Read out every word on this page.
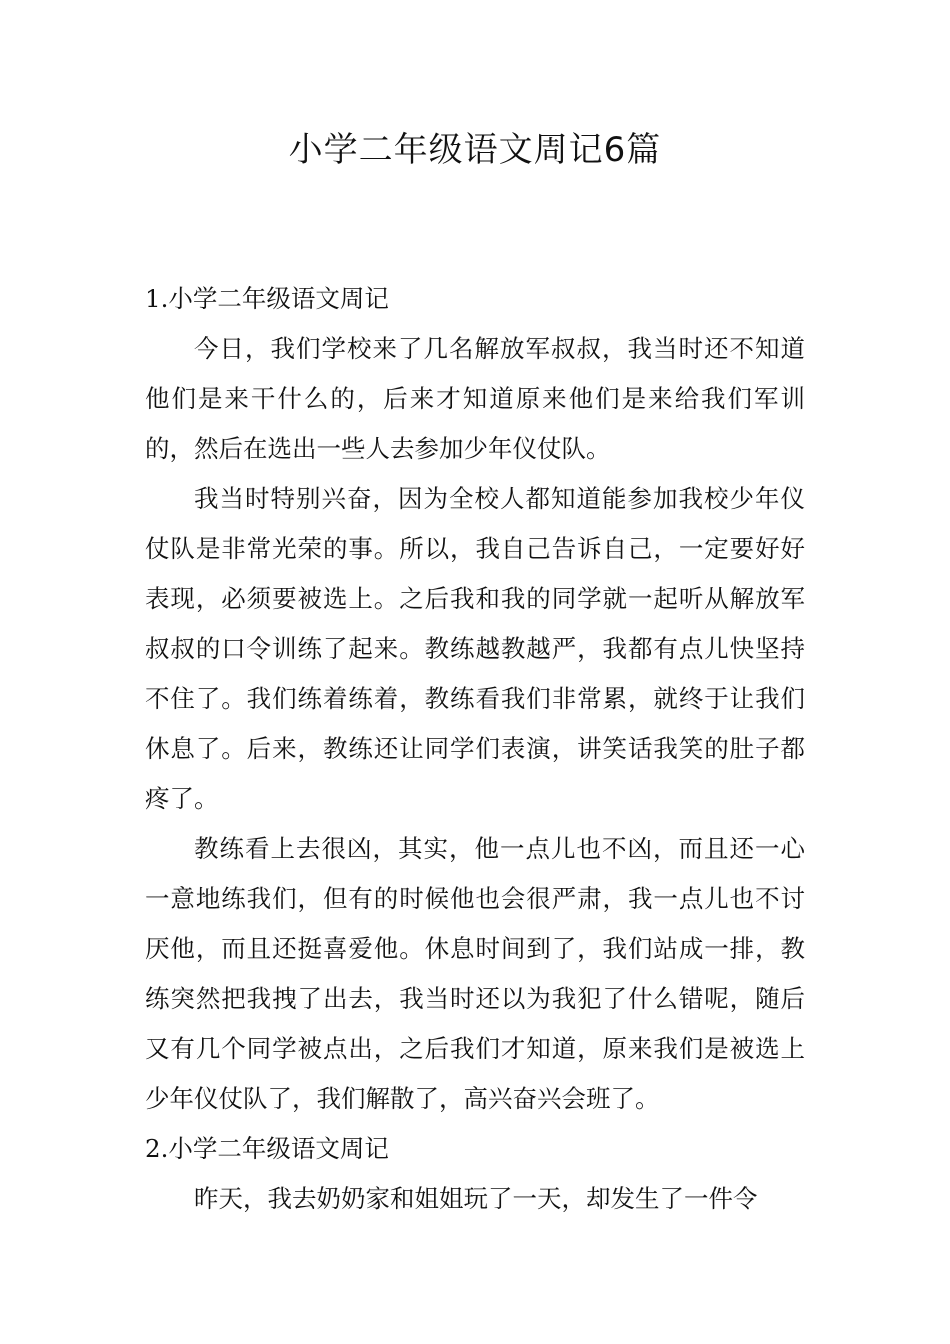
小学二年级语文周记6篇

1.小学二年级语文周记

今日，我们学校来了几名解放军叔叔，我当时还不知道他们是来干什么的，后来才知道原来他们是来给我们军训的，然后在选出一些人去参加少年仪仗队。

我当时特别兴奋，因为全校人都知道能参加我校少年仪仗队是非常光荣的事。所以，我自己告诉自己，一定要好好表现，必须要被选上。之后我和我的同学就一起听从解放军叔叔的口令训练了起来。教练越教越严，我都有点儿快坚持不住了。我们练着练着，教练看我们非常累，就终于让我们休息了。后来，教练还让同学们表演，讲笑话我笑的肚子都疼了。

教练看上去很凶，其实，他一点儿也不凶，而且还一心一意地练我们，但有的时候他也会很严肃，我一点儿也不讨厌他，而且还挺喜爱他。休息时间到了，我们站成一排，教练突然把我拽了出去，我当时还以为我犯了什么错呢，随后又有几个同学被点出，之后我们才知道，原来我们是被选上少年仪仗队了，我们解散了，高兴奋兴会班了。

2.小学二年级语文周记

昨天，我去奶奶家和姐姐玩了一天，却发生了一件令
